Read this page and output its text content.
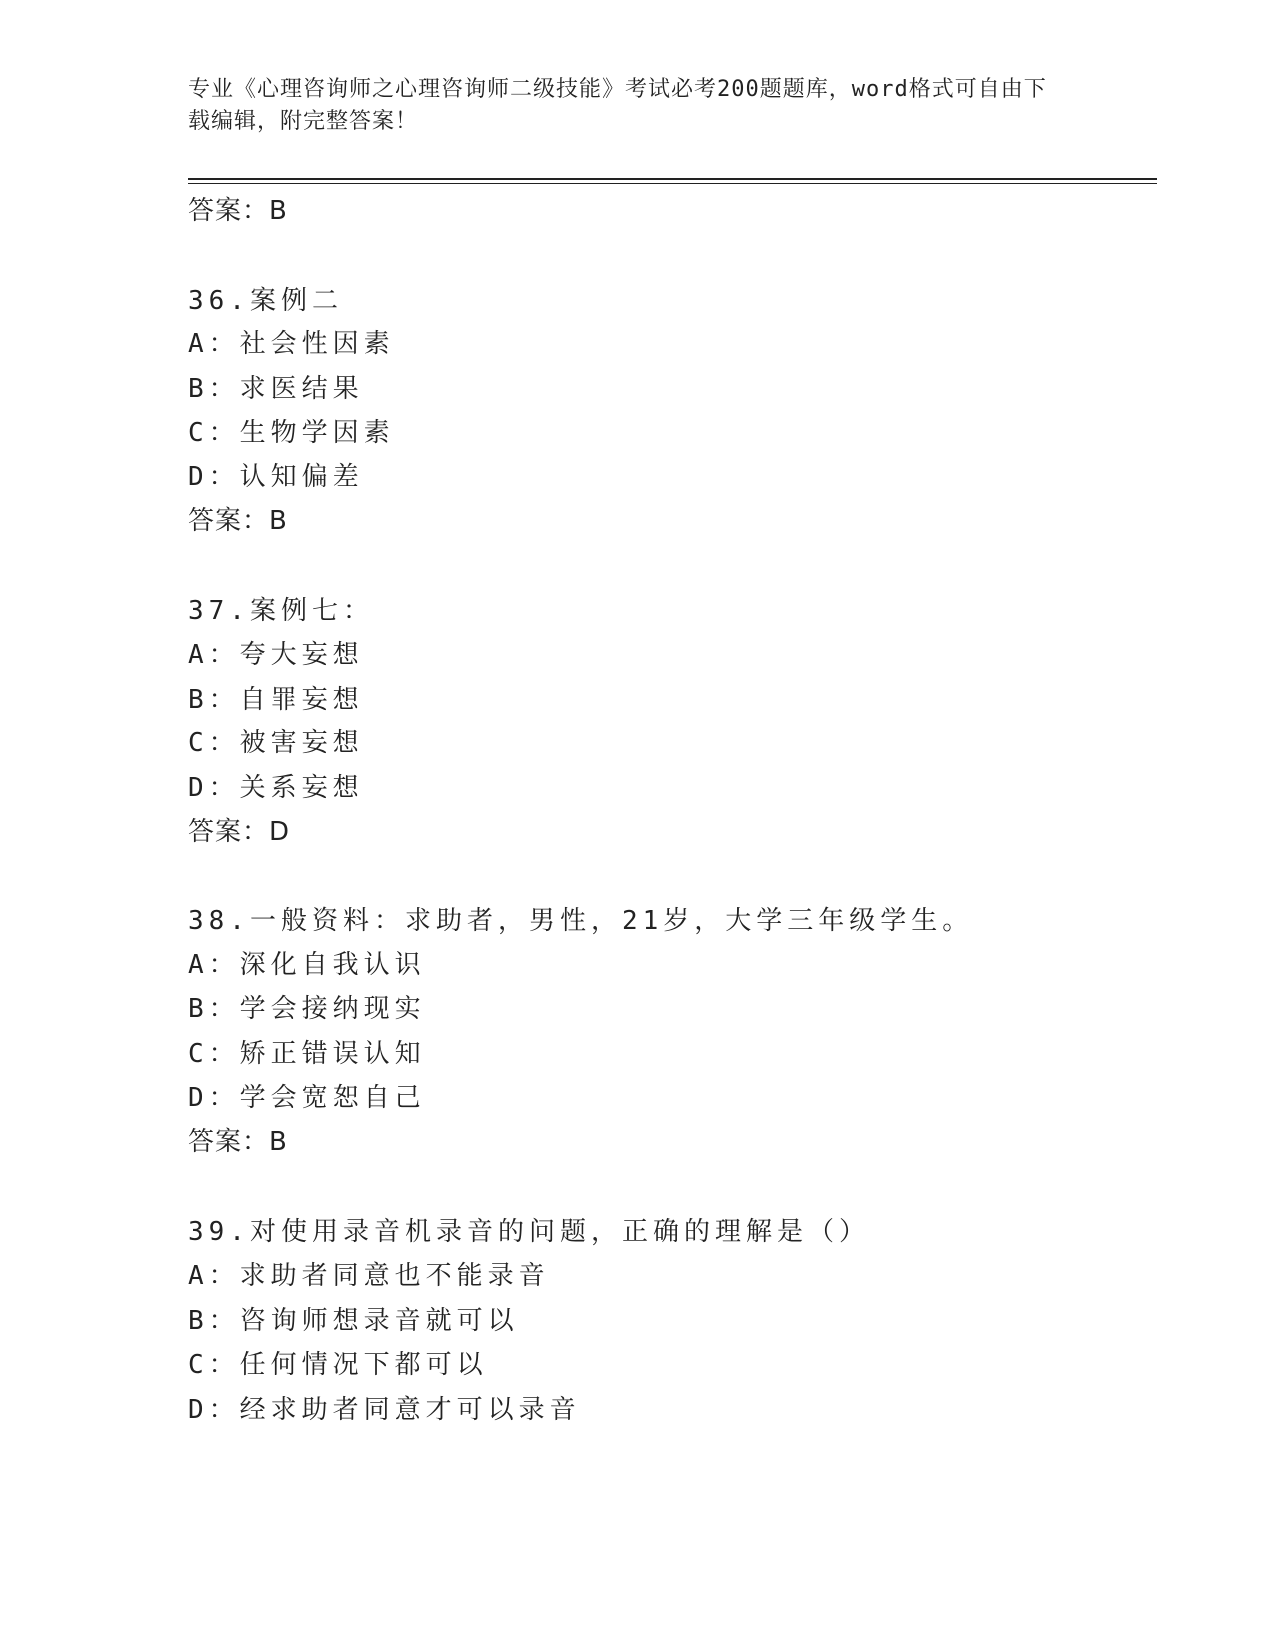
专业《心理咨询师之心理咨询师二级技能》考试必考200题题库，word格式可自由下载编辑，附完整答案！
答案：B
36.案例二
A：社会性因素
B：求医结果
C：生物学因素
D：认知偏差
答案：B
37.案例七：
A：夸大妄想
B：自罪妄想
C：被害妄想
D：关系妄想
答案：D
38.一般资料：求助者，男性，21岁，大学三年级学生。
A：深化自我认识
B：学会接纳现实
C：矫正错误认知
D：学会宽恕自己
答案：B
39.对使用录音机录音的问题，正确的理解是（）
A：求助者同意也不能录音
B：咨询师想录音就可以
C：任何情况下都可以
D：经求助者同意才可以录音
